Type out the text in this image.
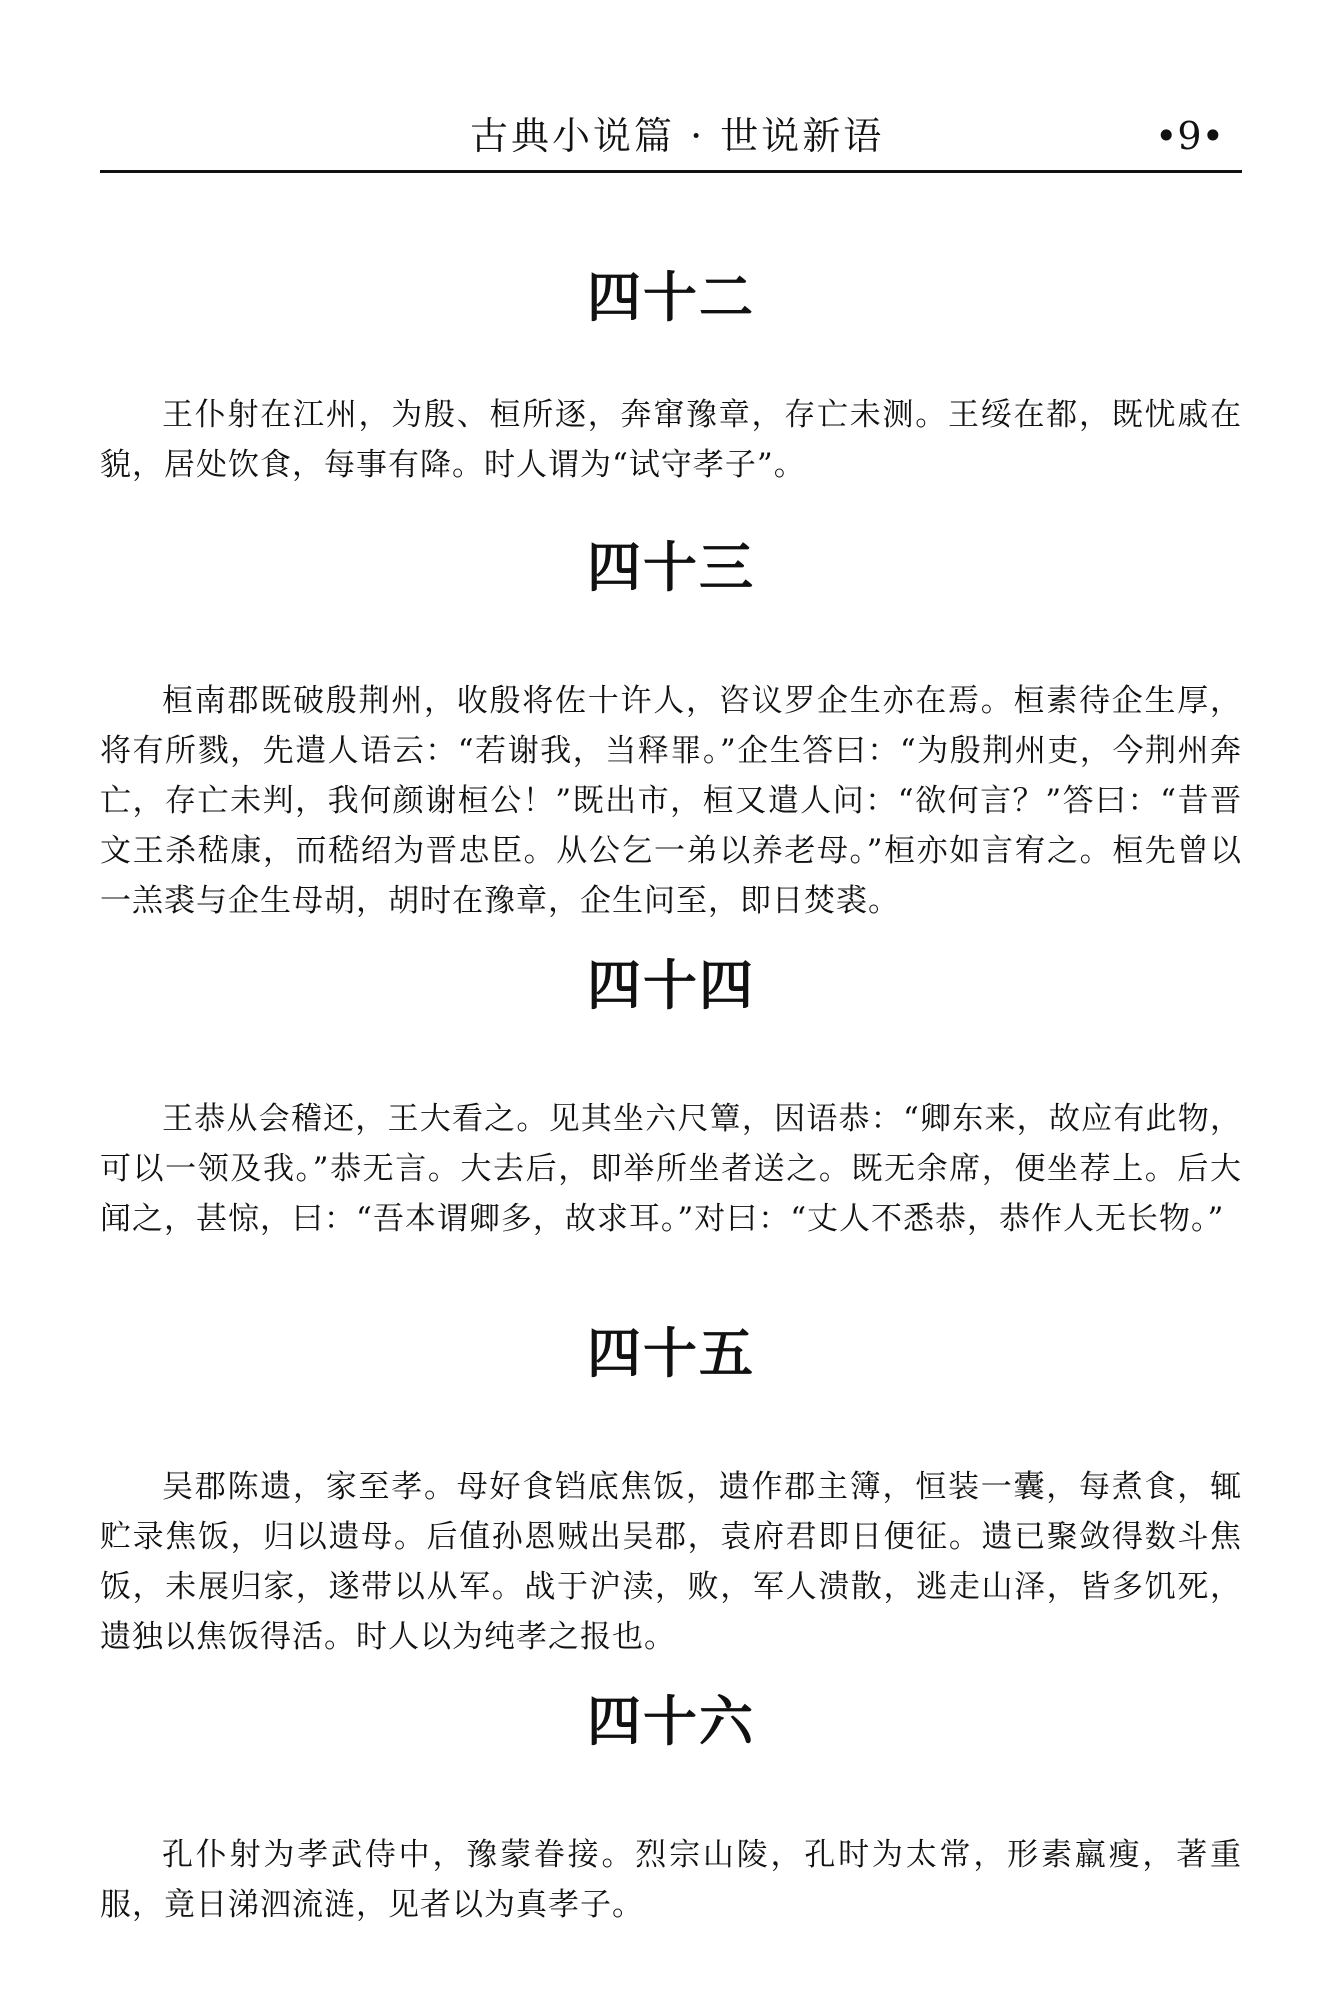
古典小说篇 · 世说新语	•9•
四十二

王仆射在江州，为殷、桓所逐，奔窜豫章，存亡未测。王绥在都，既忧戚在貌，居处饮食，每事有降。时人谓为“试守孝子”。

四十三

桓南郡既破殷荆州，收殷将佐十许人，咨议罗企生亦在焉。桓素待企生厚，将有所戮，先遣人语云：“若谢我，当释罪。”企生答曰：“为殷荆州吏，今荆州奔亡，存亡未判，我何颜谢桓公！”既出市，桓又遣人问：“欲何言？”答曰：“昔晋文王杀嵇康，而嵇绍为晋忠臣。从公乞一弟以养老母。”桓亦如言宥之。桓先曾以一羔裘与企生母胡，胡时在豫章，企生问至，即日焚裘。

四十四

王恭从会稽还，王大看之。见其坐六尺簟，因语恭：“卿东来，故应有此物，可以一领及我。”恭无言。大去后，即举所坐者送之。既无余席，便坐荐上。后大闻之，甚惊，曰：“吾本谓卿多，故求耳。”对曰：“丈人不悉恭，恭作人无长物。”

四十五

吴郡陈遗，家至孝。母好食铛底焦饭，遗作郡主簿，恒装一囊，每煮食，辄贮录焦饭，归以遗母。后值孙恩贼出吴郡，袁府君即日便征。遗已聚敛得数斗焦饭，未展归家，遂带以从军。战于沪渎，败，军人溃散，逃走山泽，皆多饥死，遗独以焦饭得活。时人以为纯孝之报也。

四十六

孔仆射为孝武侍中，豫蒙眷接。烈宗山陵，孔时为太常，形素羸瘦，著重服，竟日涕泗流涟，见者以为真孝子。
